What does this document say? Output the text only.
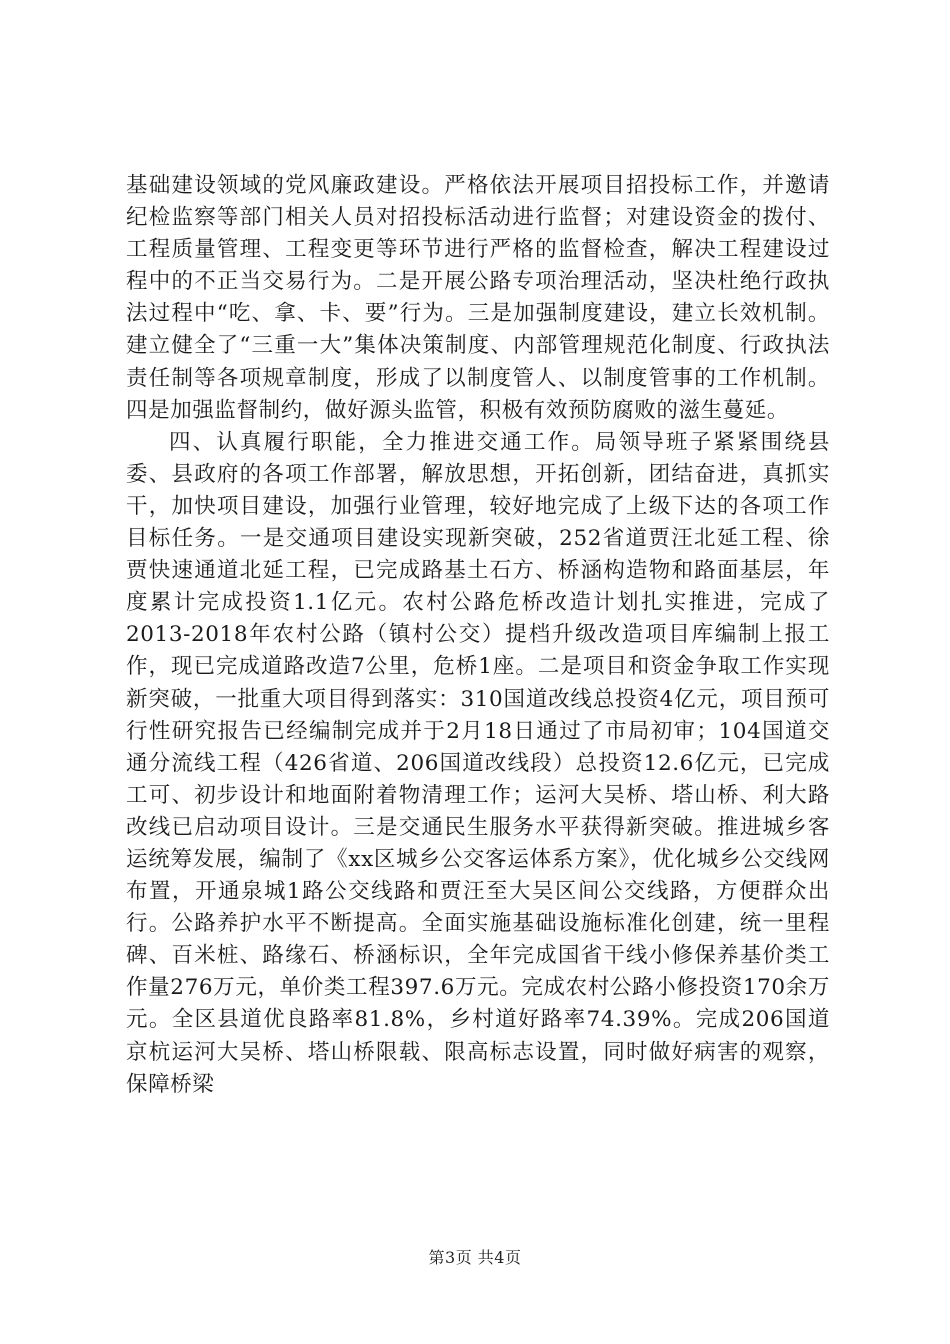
基础建设领域的党风廉政建设。严格依法开展项目招投标工作，并邀请纪检监察等部门相关人员对招投标活动进行监督；对建设资金的拨付、工程质量管理、工程变更等环节进行严格的监督检查，解决工程建设过程中的不正当交易行为。二是开展公路专项治理活动，坚决杜绝行政执法过程中“吃、拿、卡、要”行为。三是加强制度建设，建立长效机制。建立健全了“三重一大”集体决策制度、内部管理规范化制度、行政执法责任制等各项规章制度，形成了以制度管人、以制度管事的工作机制。四是加强监督制约，做好源头监管，积极有效预防腐败的滋生蔓延。

四、认真履行职能，全力推进交通工作。局领导班子紧紧围绕县委、县政府的各项工作部署，解放思想，开拓创新，团结奋进，真抓实干，加快项目建设，加强行业管理，较好地完成了上级下达的各项工作目标任务。一是交通项目建设实现新突破，252省道贾汪北延工程、徐贾快速通道北延工程，已完成路基土石方、桥涵构造物和路面基层，年度累计完成投资1.1亿元。农村公路危桥改造计划扎实推进，完成了2013-2018年农村公路（镇村公交）提档升级改造项目库编制上报工作，现已完成道路改造7公里，危桥1座。二是项目和资金争取工作实现新突破，一批重大项目得到落实：310国道改线总投资4亿元，项目预可行性研究报告已经编制完成并于2月18日通过了市局初审；104国道交通分流线工程（426省道、206国道改线段）总投资12.6亿元，已完成工可、初步设计和地面附着物清理工作；运河大吴桥、塔山桥、利大路改线已启动项目设计。三是交通民生服务水平获得新突破。推进城乡客运统筹发展，编制了《xx区城乡公交客运体系方案》，优化城乡公交线网布置，开通泉城1路公交线路和贾汪至大吴区间公交线路，方便群众出行。公路养护水平不断提高。全面实施基础设施标准化创建，统一里程碑、百米桩、路缘石、桥涵标识，全年完成国省干线小修保养基价类工作量276万元，单价类工程397.6万元。完成农村公路小修投资170余万元。全区县道优良路率81.8%，乡村道好路率74.39%。完成206国道京杭运河大吴桥、塔山桥限载、限高标志设置，同时做好病害的观察，保障桥梁

第3页 共4页
